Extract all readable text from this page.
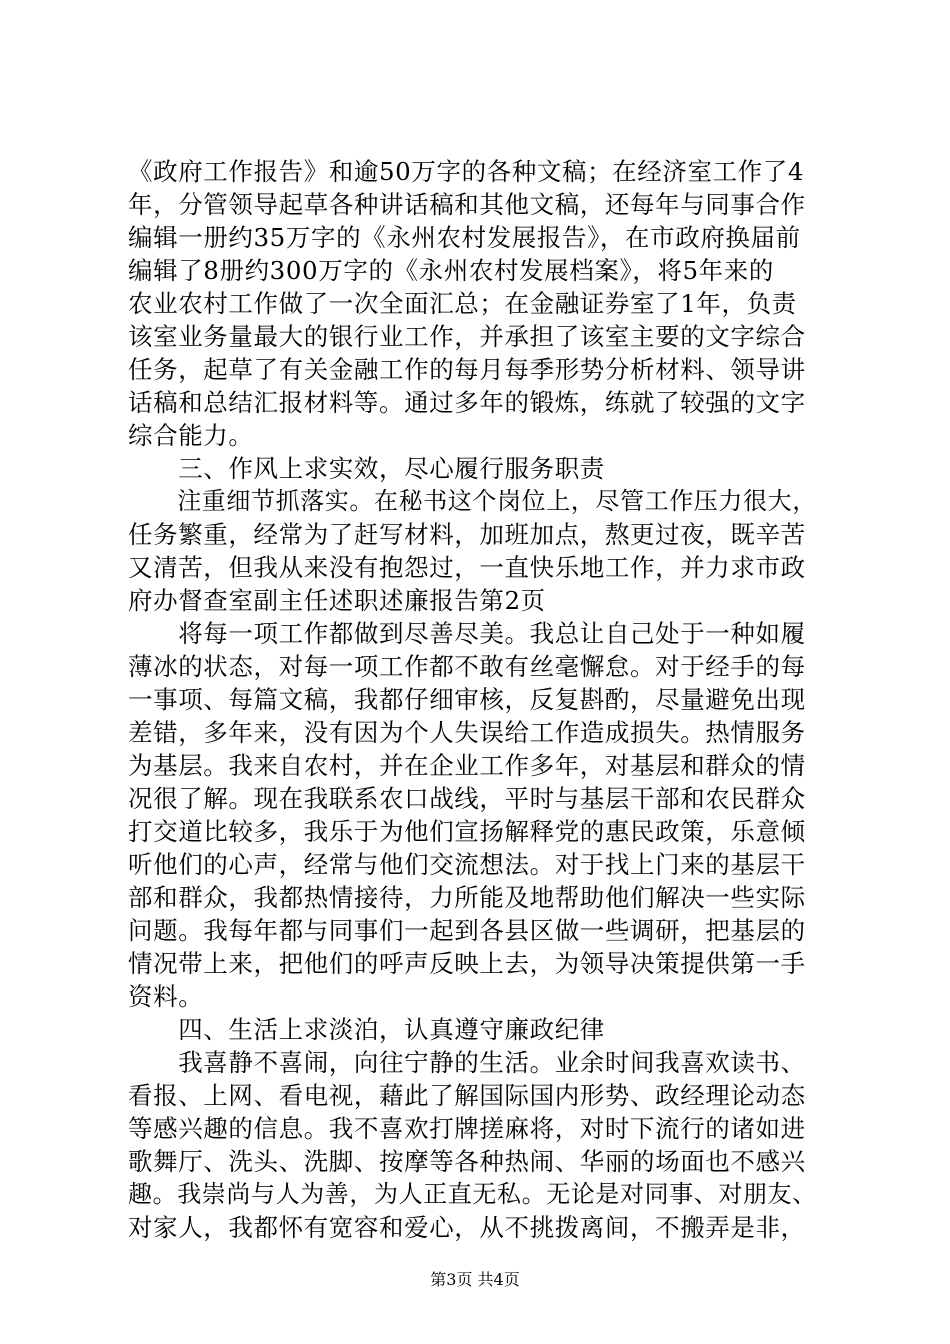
《政府工作报告》和逾50万字的各种文稿；在经济室工作了4
年，分管领导起草各种讲话稿和其他文稿，还每年与同事合作
编辑一册约35万字的《永州农村发展报告》，在市政府换届前
编辑了8册约300万字的《永州农村发展档案》，将5年来的
农业农村工作做了一次全面汇总；在金融证券室了1年，负责
该室业务量最大的银行业工作，并承担了该室主要的文字综合
任务，起草了有关金融工作的每月每季形势分析材料、领导讲
话稿和总结汇报材料等。通过多年的锻炼，练就了较强的文字
综合能力。
　　三、作风上求实效，尽心履行服务职责
　　注重细节抓落实。在秘书这个岗位上，尽管工作压力很大，
任务繁重，经常为了赶写材料，加班加点，熬更过夜，既辛苦
又清苦，但我从来没有抱怨过，一直快乐地工作，并力求市政
府办督查室副主任述职述廉报告第2页
　　将每一项工作都做到尽善尽美。我总让自己处于一种如履
薄冰的状态，对每一项工作都不敢有丝毫懈怠。对于经手的每
一事项、每篇文稿，我都仔细审核，反复斟酌，尽量避免出现
差错，多年来，没有因为个人失误给工作造成损失。热情服务
为基层。我来自农村，并在企业工作多年，对基层和群众的情
况很了解。现在我联系农口战线，平时与基层干部和农民群众
打交道比较多，我乐于为他们宣扬解释党的惠民政策，乐意倾
听他们的心声，经常与他们交流想法。对于找上门来的基层干
部和群众，我都热情接待，力所能及地帮助他们解决一些实际
问题。我每年都与同事们一起到各县区做一些调研，把基层的
情况带上来，把他们的呼声反映上去，为领导决策提供第一手
资料。
　　四、生活上求淡泊，认真遵守廉政纪律
　　我喜静不喜闹，向往宁静的生活。业余时间我喜欢读书、
看报、上网、看电视，藉此了解国际国内形势、政经理论动态
等感兴趣的信息。我不喜欢打牌搓麻将，对时下流行的诸如进
歌舞厅、洗头、洗脚、按摩等各种热闹、华丽的场面也不感兴
趣。我崇尚与人为善，为人正直无私。无论是对同事、对朋友、
对家人，我都怀有宽容和爱心，从不挑拨离间，不搬弄是非，
第3页 共4页
